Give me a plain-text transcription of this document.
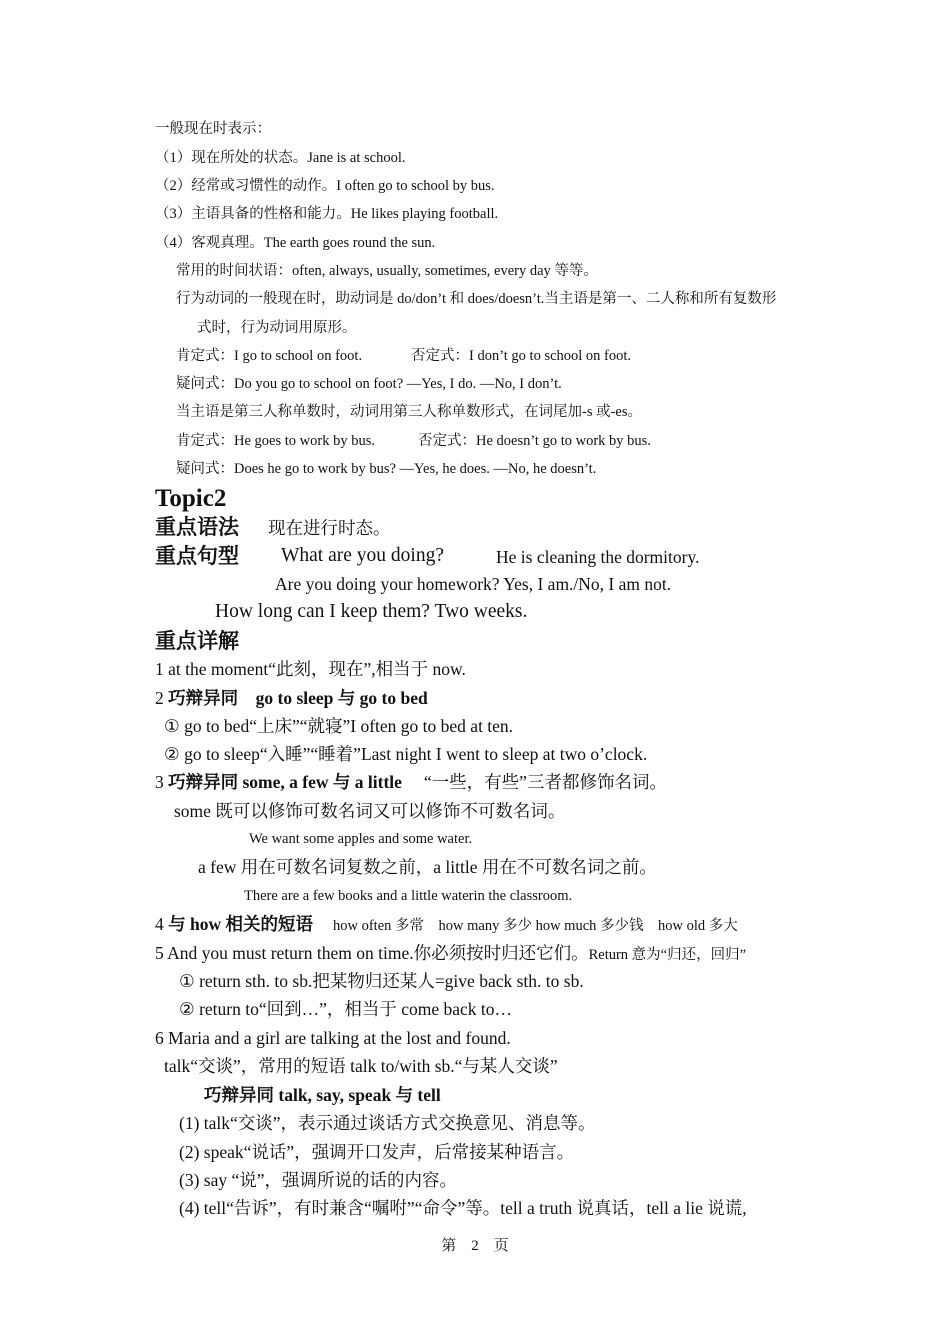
一般现在时表示：
（1）现在所处的状态。Jane is at school.
（2）经常或习惯性的动作。I often go to school by bus.
（3）主语具备的性格和能力。He likes playing football.
（4）客观真理。The earth goes round the sun.
常用的时间状语：often, always, usually, sometimes, every day 等等。
行为动词的一般现在时，助动词是 do/don’t 和 does/doesn’t.当主语是第一、二人称和所有复数形
式时，行为动词用原形。
肯定式：I go to school on foot.	否定式：I don’t go to school on foot.
疑问式：Do you go to school on foot? —Yes, I do. —No, I don’t.
当主语是第三人称单数时，动词用第三人称单数形式，在词尾加-s 或-es。
肯定式：He goes to work by bus.	否定式：He doesn’t go to work by bus.
疑问式：Does he go to work by bus? —Yes, he does. —No, he doesn’t.
Topic2
重点语法 现在进行时态。
重点句型 What are you doing?	He is cleaning the dormitory.
Are you doing your homework? Yes, I am./No, I am not.
How long can I keep them? Two weeks.
重点详解
1 at the moment“此刻，现在”,相当于 now.
2 巧辩异同　go to sleep 与 go to bed
① go to bed“上床”“就寝”I often go to bed at ten.
② go to sleep“入睡”“睡着”Last night I went to sleep at two o’clock.
3 巧辩异同 some, a few 与 a little “一些，有些”三者都修饰名词。
some 既可以修饰可数名词又可以修饰不可数名词。
We want some apples and some water.
a few 用在可数名词复数之前，a little 用在不可数名词之前。
There are a few books and a little waterin the classroom.
4 与 how 相关的短语 how often 多常　how many 多少 how much 多少钱　how old 多大
5 And you must return them on time.你必须按时归还它们。Return 意为“归还，回归”
① return sth. to sb.把某物归还某人=give back sth. to sb.
② return to“回到…”，相当于 come back to…
6 Maria and a girl are talking at the lost and found.
talk“交谈”，常用的短语 talk to/with sb.“与某人交谈”
巧辩异同 talk, say, speak 与 tell
(1) talk“交谈”，表示通过谈话方式交换意见、消息等。
(2) speak“说话”，强调开口发声，后常接某种语言。
(3) say “说”，强调所说的话的内容。
(4) tell“告诉”，有时兼含“嘱咐”“命令”等。tell a truth 说真话，tell a lie 说谎,
第　2　页
